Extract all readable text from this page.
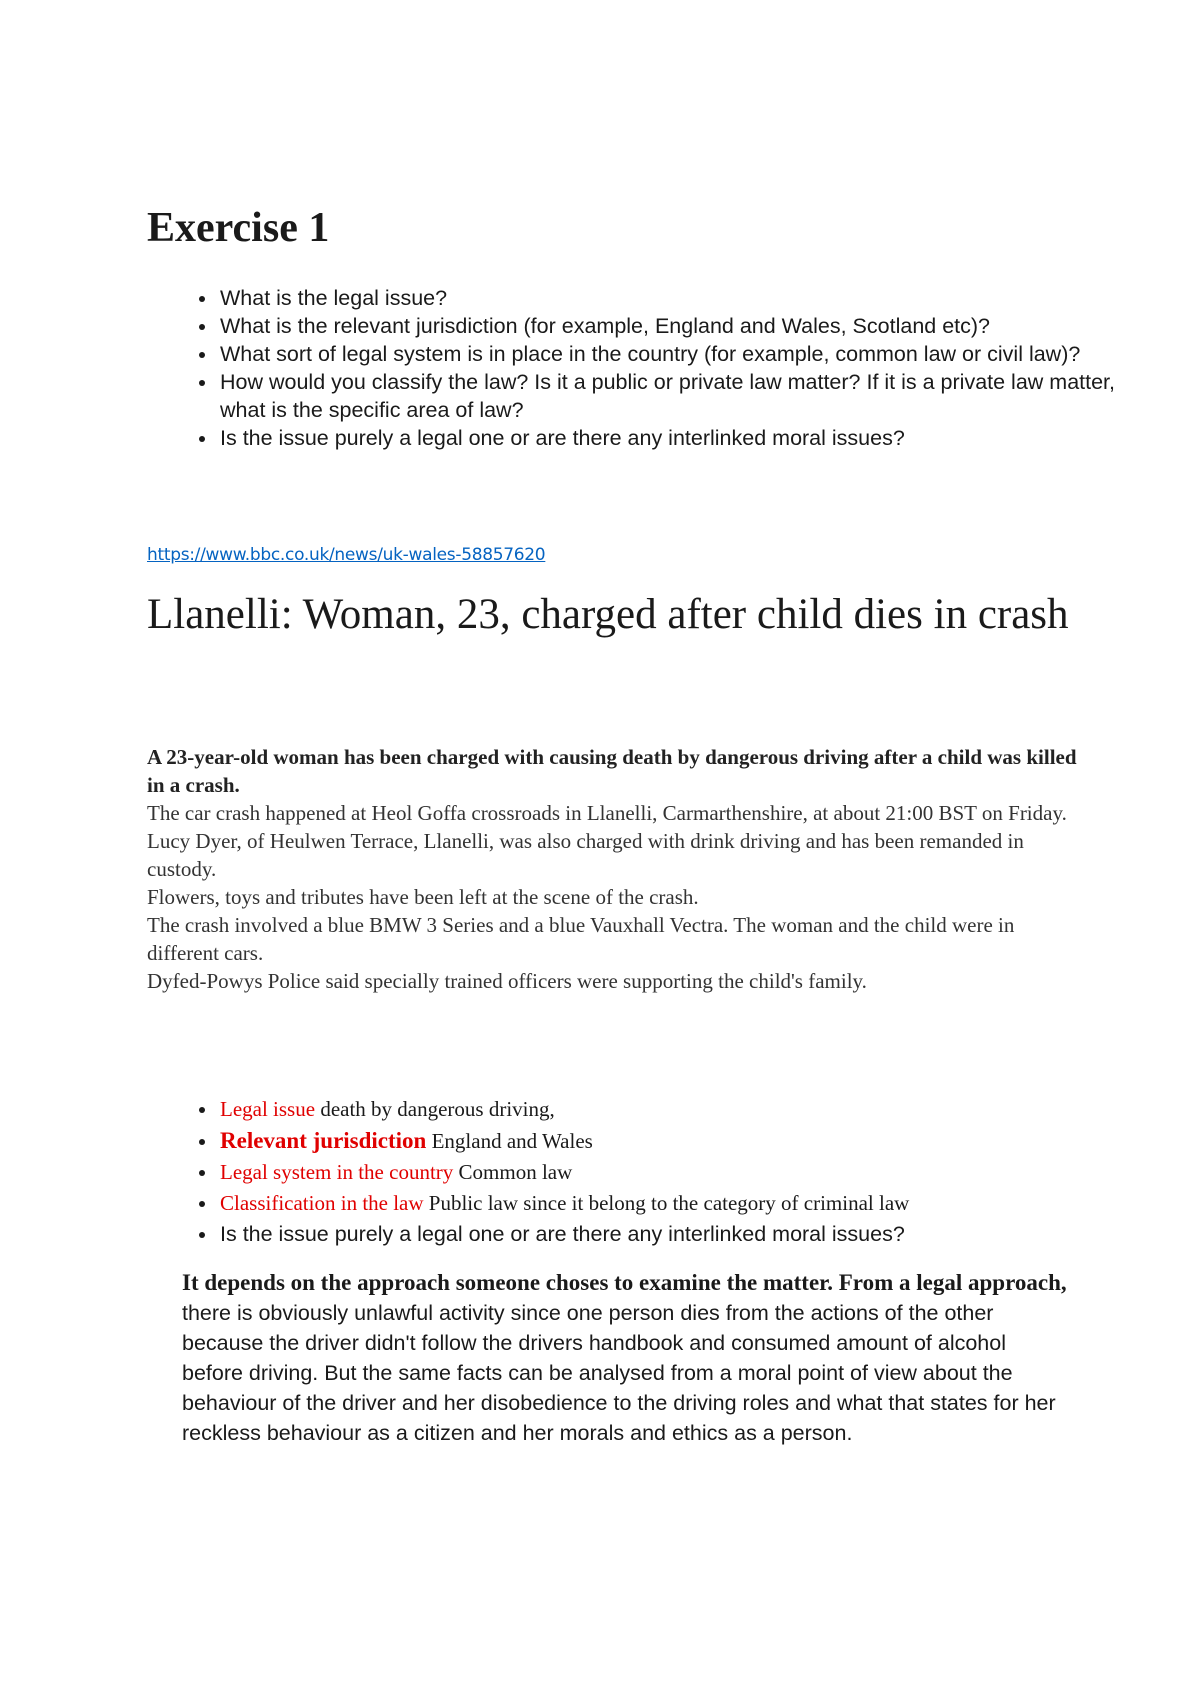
Exercise 1
• What is the legal issue?
• What is the relevant jurisdiction (for example, England and Wales, Scotland etc)?
• What sort of legal system is in place in the country (for example, common law or civil law)?
• How would you classify the law? Is it a public or private law matter? If it is a private law matter, what is the specific area of law?
• Is the issue purely a legal one or are there any interlinked moral issues?
https://www.bbc.co.uk/news/uk-wales-58857620
Llanelli: Woman, 23, charged after child dies in crash

A 23-year-old woman has been charged with causing death by dangerous driving after a child was killed in a crash.

The car crash happened at Heol Goffa crossroads in Llanelli, Carmarthenshire, at about 21:00 BST on Friday.

Lucy Dyer, of Heulwen Terrace, Llanelli, was also charged with drink driving and has been remanded in custody.

Flowers, toys and tributes have been left at the scene of the crash.

The crash involved a blue BMW 3 Series and a blue Vauxhall Vectra. The woman and the child were in different cars.

Dyfed-Powys Police said specially trained officers were supporting the child's family.

• Legal issue death by dangerous driving,
• Relevant jurisdiction England and Wales
• Legal system in the country Common law
• Classification in the law Public law since it belong to the category of criminal law
• Is the issue purely a legal one or are there any interlinked moral issues?

It depends on the approach someone choses to examine the matter. From a legal approach, there is obviously unlawful activity since one person dies from the actions of the other because the driver didn't follow the drivers handbook and consumed amount of alcohol before driving. But the same facts can be analysed from a moral point of view about the behaviour of the driver and her disobedience to the driving roles and what that states for her reckless behaviour as a citizen and her morals and ethics as a person.
